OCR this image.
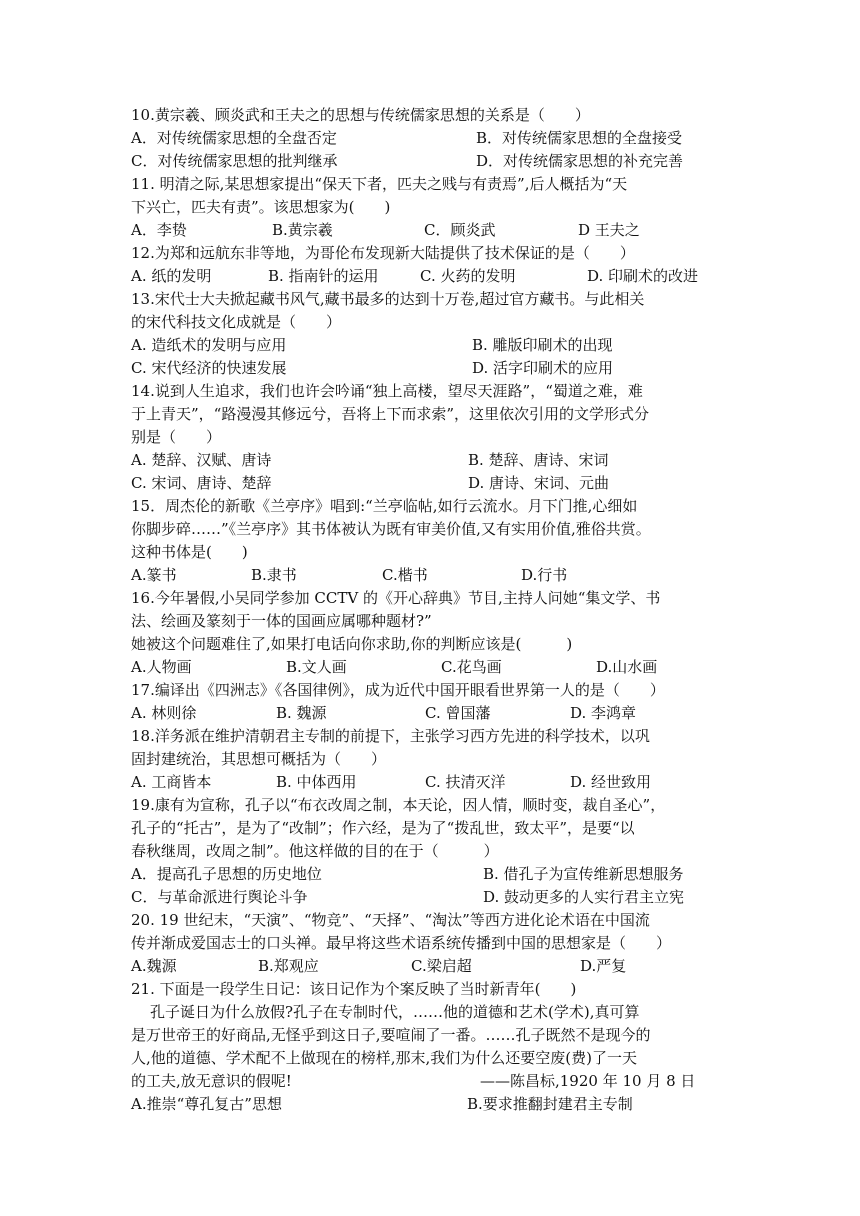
10.黄宗羲、顾炎武和王夫之的思想与传统儒家思想的关系是（　　）
A．对传统儒家思想的全盘否定	B．对传统儒家思想的全盘接受
C．对传统儒家思想的批判继承	D．对传统儒家思想的补充完善
11. 明清之际,某思想家提出“保天下者，匹夫之贱与有责焉”,后人概括为“天
下兴亡，匹夫有责”。该思想家为(　　)
A．李贽	B.黄宗羲	C．顾炎武	D 王夫之
12.为郑和远航东非等地，为哥伦布发现新大陆提供了技术保证的是（　　）
A. 纸的发明	B. 指南针的运用	C. 火药的发明	D. 印刷术的改进
13.宋代士大夫掀起藏书风气,藏书最多的达到十万卷,超过官方藏书。与此相关
的宋代科技文化成就是（　　）
A. 造纸术的发明与应用	B. 雕版印刷术的出现
C. 宋代经济的快速发展	D. 活字印刷术的应用
14.说到人生追求，我们也许会吟诵“独上高楼，望尽天涯路”，“蜀道之难，难
于上青天”，“路漫漫其修远兮，吾将上下而求索”，这里依次引用的文学形式分
别是（　　）
A. 楚辞、汉赋、唐诗	B. 楚辞、唐诗、宋词
C. 宋词、唐诗、楚辞	D. 唐诗、宋词、元曲
15．周杰伦的新歌《兰亭序》唱到:“兰亭临帖,如行云流水。月下门推,心细如
你脚步碎……”《兰亭序》其书体被认为既有审美价值,又有实用价值,雅俗共赏。
这种书体是(　　)
A.篆书	B.隶书	C.楷书	D.行书
16.今年暑假,小吴同学参加 CCTV 的《开心辞典》节目,主持人问她“集文学、书
法、绘画及篆刻于一体的国画应属哪种题材?”
她被这个问题难住了,如果打电话向你求助,你的判断应该是(　　　)
A.人物画	B.文人画	C.花鸟画	D.山水画
17.编译出《四洲志》《各国律例》，成为近代中国开眼看世界第一人的是（　　）
A. 林则徐	B. 魏源	C. 曾国藩	D. 李鸿章
18.洋务派在维护清朝君主专制的前提下，主张学习西方先进的科学技术，以巩
固封建统治，其思想可概括为（　　）
A. 工商皆本	B. 中体西用	C. 扶清灭洋	D. 经世致用
19.康有为宣称，孔子以“布衣改周之制，本天论，因人情，顺时变，裁自圣心”，
孔子的“托古”，是为了“改制”；作六经，是为了“拨乱世，致太平”，是要“以
春秋继周，改周之制”。他这样做的目的在于（　　　）
A．提高孔子思想的历史地位	B. 借孔子为宣传维新思想服务
C．与革命派进行舆论斗争	D. 鼓动更多的人实行君主立宪
20. 19 世纪末，“天演”、“物竞”、“天择”、“淘汰”等西方进化论术语在中国流
传并渐成爱国志士的口头禅。最早将这些术语系统传播到中国的思想家是（　　）
A.魏源	B.郑观应	C.梁启超	D.严复
21. 下面是一段学生日记：该日记作为个案反映了当时新青年(　　)
孔子诞日为什么放假?孔子在专制时代，……他的道德和艺术(学术),真可算
是万世帝王的好商品,无怪乎到这日子,要喧闹了一番。……孔子既然不是现今的
人,他的道德、学术配不上做现在的榜样,那末,我们为什么还要空废(费)了一天
的工夫,放无意识的假呢!	——陈昌标,1920 年 10 月 8 日
A.推崇“尊孔复古”思想	B.要求推翻封建君主专制
